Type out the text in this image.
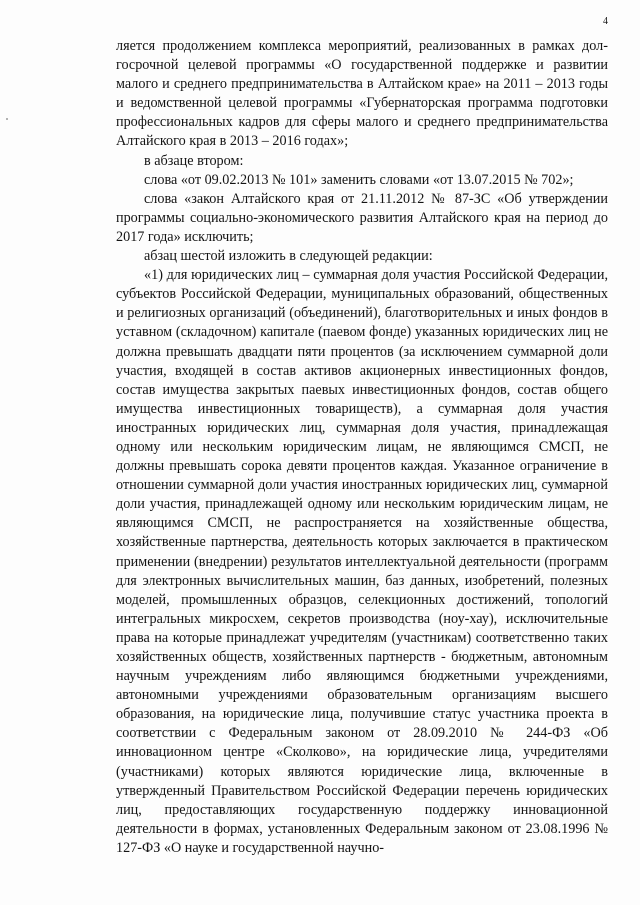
4

ляется продолжением комплекса мероприятий, реализованных в рамках долгосрочной целевой программы «О государственной поддержке и развитии малого и среднего предпринимательства в Алтайском крае» на 2011 – 2013 годы и ведомственной целевой программы «Губернаторская программа подготовки профессиональных кадров для сферы малого и среднего предпринимательства Алтайского края в 2013 – 2016 годах»;

в абзаце втором:

слова «от 09.02.2013 № 101» заменить словами «от 13.07.2015 № 702»;

слова «закон Алтайского края от 21.11.2012 № 87-ЗС «Об утверждении программы социально-экономического развития Алтайского края на период до 2017 года» исключить;

абзац шестой изложить в следующей редакции:

«1) для юридических лиц – суммарная доля участия Российской Федерации, субъектов Российской Федерации, муниципальных образований, общественных и религиозных организаций (объединений), благотворительных и иных фондов в уставном (складочном) капитале (паевом фонде) указанных юридических лиц не должна превышать двадцати пяти процентов (за исключением суммарной доли участия, входящей в состав активов акционерных инвестиционных фондов, состав имущества закрытых паевых инвестиционных фондов, состав общего имущества инвестиционных товариществ), а суммарная доля участия иностранных юридических лиц, суммарная доля участия, принадлежащая одному или нескольким юридическим лицам, не являющимся СМСП, не должны превышать сорока девяти процентов каждая. Указанное ограничение в отношении суммарной доли участия иностранных юридических лиц, суммарной доли участия, принадлежащей одному или нескольким юридическим лицам, не являющимся СМСП, не распространяется на хозяйственные общества, хозяйственные партнерства, деятельность которых заключается в практическом применении (внедрении) результатов интеллектуальной деятельности (программ для электронных вычислительных машин, баз данных, изобретений, полезных моделей, промышленных образцов, селекционных достижений, топологий интегральных микросхем, секретов производства (ноу-хау), исключительные права на которые принадлежат учредителям (участникам) соответственно таких хозяйственных обществ, хозяйственных партнерств - бюджетным, автономным научным учреждениям либо являющимся бюджетными учреждениями, автономными учреждениями образовательным организациям высшего образования, на юридические лица, получившие статус участника проекта в соответствии с Федеральным законом от 28.09.2010 № 244-ФЗ «Об инновационном центре «Сколково», на юридические лица, учредителями (участниками) которых являются юридические лица, включенные в утвержденный Правительством Российской Федерации перечень юридических лиц, предоставляющих государственную поддержку инновационной деятельности в формах, установленных Федеральным законом от 23.08.1996 № 127-ФЗ «О науке и государственной научно-
